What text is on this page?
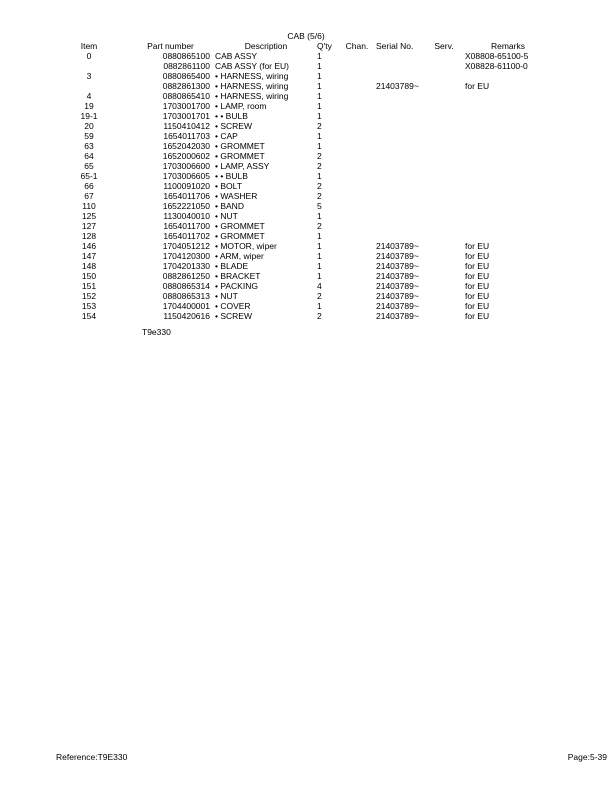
CAB (5/6)
Item	Part number	Description	Q'ty	Chan.	Serial No.	Serv.	Remarks
0	0880865100	CAB ASSY	1				X08808-65100-5
	0882861100	CAB ASSY (for EU)	1				X08828-61100-0
3	0880865400	• HARNESS, wiring	1				
	0882861300	• HARNESS, wiring	1		21403789~		for EU
4	0880865410	• HARNESS, wiring	1				
19	1703001700	• LAMP, room	1				
19-1	1703001701	• • BULB	1				
20	1150410412	• SCREW	2				
59	1654011703	• CAP	1				
63	1652042030	• GROMMET	1				
64	1652000602	• GROMMET	2				
65	1703006600	• LAMP, ASSY	2				
65-1	1703006605	• • BULB	1				
66	1100091020	• BOLT	2				
67	1654011706	• WASHER	2				
110	1652221050	• BAND	5				
125	1130040010	• NUT	1				
127	1654011700	• GROMMET	2				
128	1654011702	• GROMMET	1				
146	1704051212	• MOTOR, wiper	1		21403789~		for EU
147	1704120300	• ARM, wiper	1		21403789~		for EU
148	1704201330	• BLADE	1		21403789~		for EU
150	0882861250	• BRACKET	1		21403789~		for EU
151	0880865314	• PACKING	4		21403789~		for EU
152	0880865313	• NUT	2		21403789~		for EU
153	1704400001	• COVER	1		21403789~		for EU
154	1150420616	• SCREW	2		21403789~		for EU
T9e330
Reference:T9E330	Page:5-39
